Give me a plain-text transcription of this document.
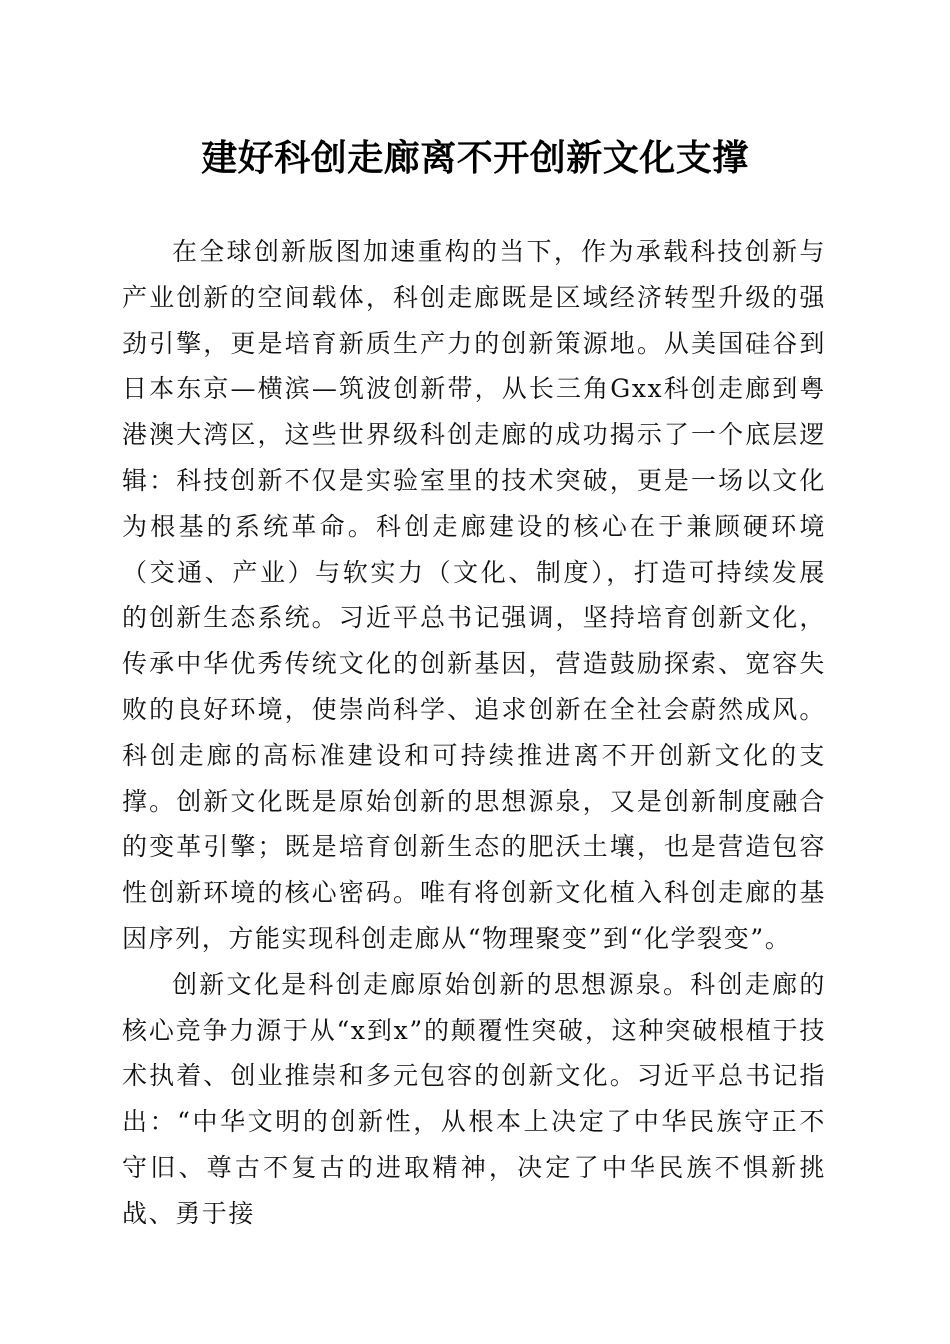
建好科创走廊离不开创新文化支撑

在全球创新版图加速重构的当下，作为承载科技创新与产业创新的空间载体，科创走廊既是区域经济转型升级的强劲引擎，更是培育新质生产力的创新策源地。从美国硅谷到日本东京—横滨—筑波创新带，从长三角Gxx科创走廊到粤港澳大湾区，这些世界级科创走廊的成功揭示了一个底层逻辑：科技创新不仅是实验室里的技术突破，更是一场以文化为根基的系统革命。科创走廊建设的核心在于兼顾硬环境（交通、产业）与软实力（文化、制度），打造可持续发展的创新生态系统。习近平总书记强调，坚持培育创新文化，传承中华优秀传统文化的创新基因，营造鼓励探索、宽容失败的良好环境，使崇尚科学、追求创新在全社会蔚然成风。科创走廊的高标准建设和可持续推进离不开创新文化的支撑。创新文化既是原始创新的思想源泉，又是创新制度融合的变革引擎；既是培育创新生态的肥沃土壤，也是营造包容性创新环境的核心密码。唯有将创新文化植入科创走廊的基因序列，方能实现科创走廊从“物理聚变”到“化学裂变”。

创新文化是科创走廊原始创新的思想源泉。科创走廊的核心竞争力源于从“x到x”的颠覆性突破，这种突破根植于技术执着、创业推崇和多元包容的创新文化。习近平总书记指出：“中华文明的创新性，从根本上决定了中华民族守正不守旧、尊古不复古的进取精神，决定了中华民族不惧新挑战、勇于接
